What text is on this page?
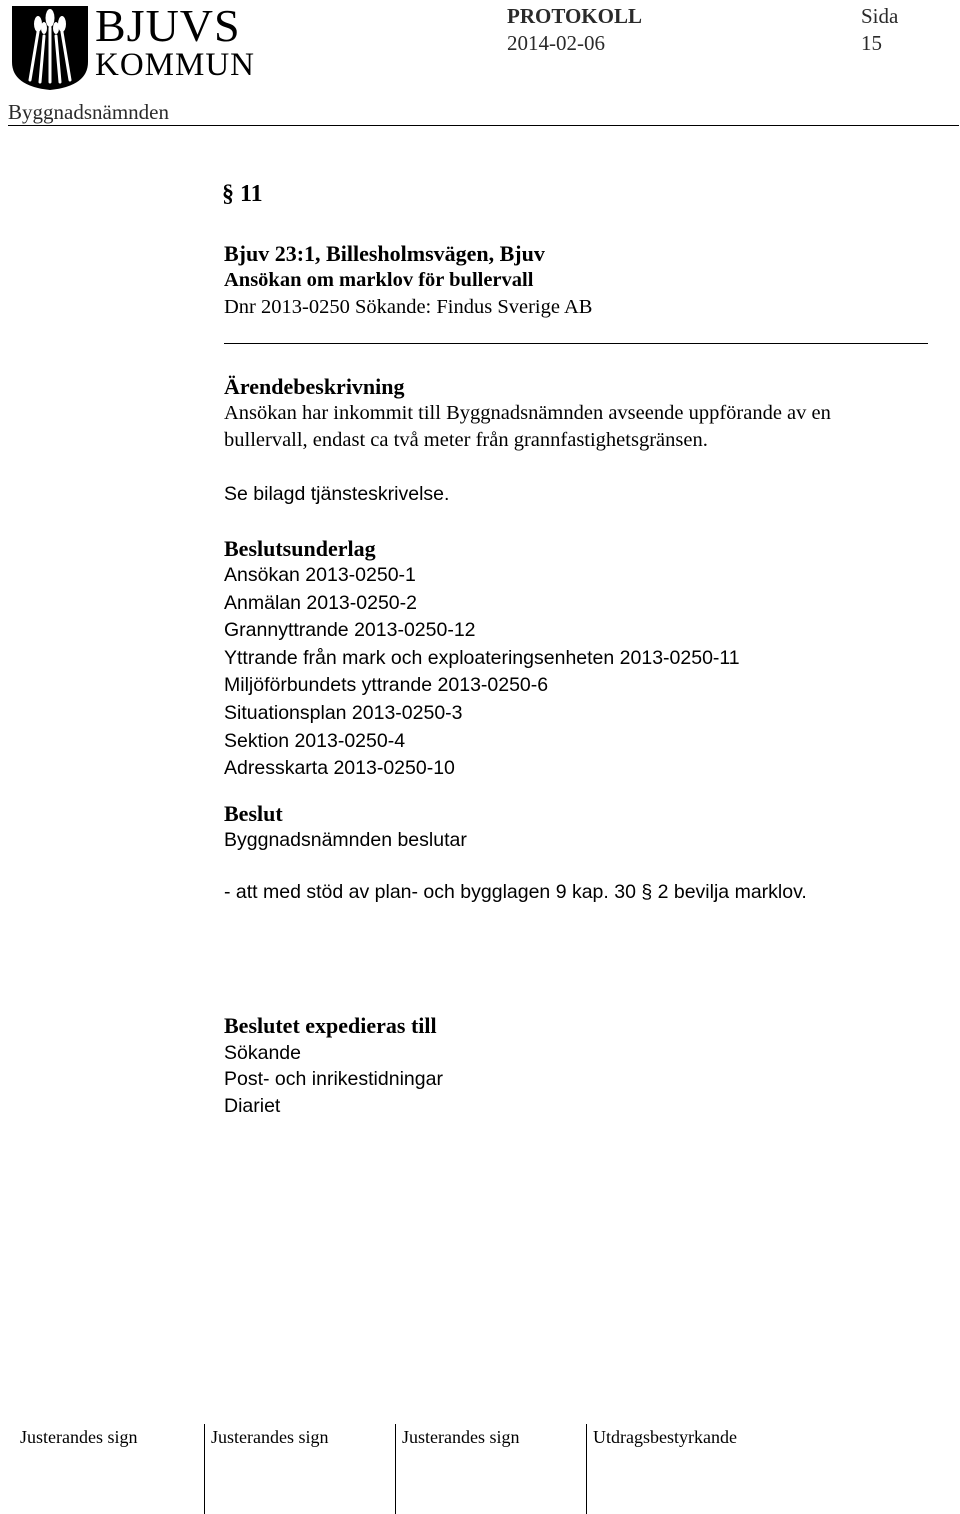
BJUVS
KOMMUN
PROTOKOLL
2014-02-06
Sida
15
Byggnadsnämnden
§ 11
Bjuv 23:1, Billesholmsvägen, Bjuv
Ansökan om marklov för bullervall
Dnr 2013-0250 Sökande: Findus Sverige AB
Ärendebeskrivning
Ansökan har inkommit till Byggnadsnämnden avseende uppförande av en
bullervall, endast ca två meter från grannfastighetsgränsen.
Se bilagd tjänsteskrivelse.
Beslutsunderlag
Ansökan 2013-0250-1
Anmälan 2013-0250-2
Grannyttrande 2013-0250-12
Yttrande från mark och exploateringsenheten 2013-0250-11
Miljöförbundets yttrande 2013-0250-6
Situationsplan 2013-0250-3
Sektion 2013-0250-4
Adresskarta 2013-0250-10
Beslut
Byggnadsnämnden beslutar
- att med stöd av plan- och bygglagen 9 kap. 30 § 2 bevilja marklov.
Beslutet expedieras till
Sökande
Post- och inrikestidningar
Diariet
Justerandes sign	Justerandes sign	Justerandes sign	Utdragsbestyrkande
